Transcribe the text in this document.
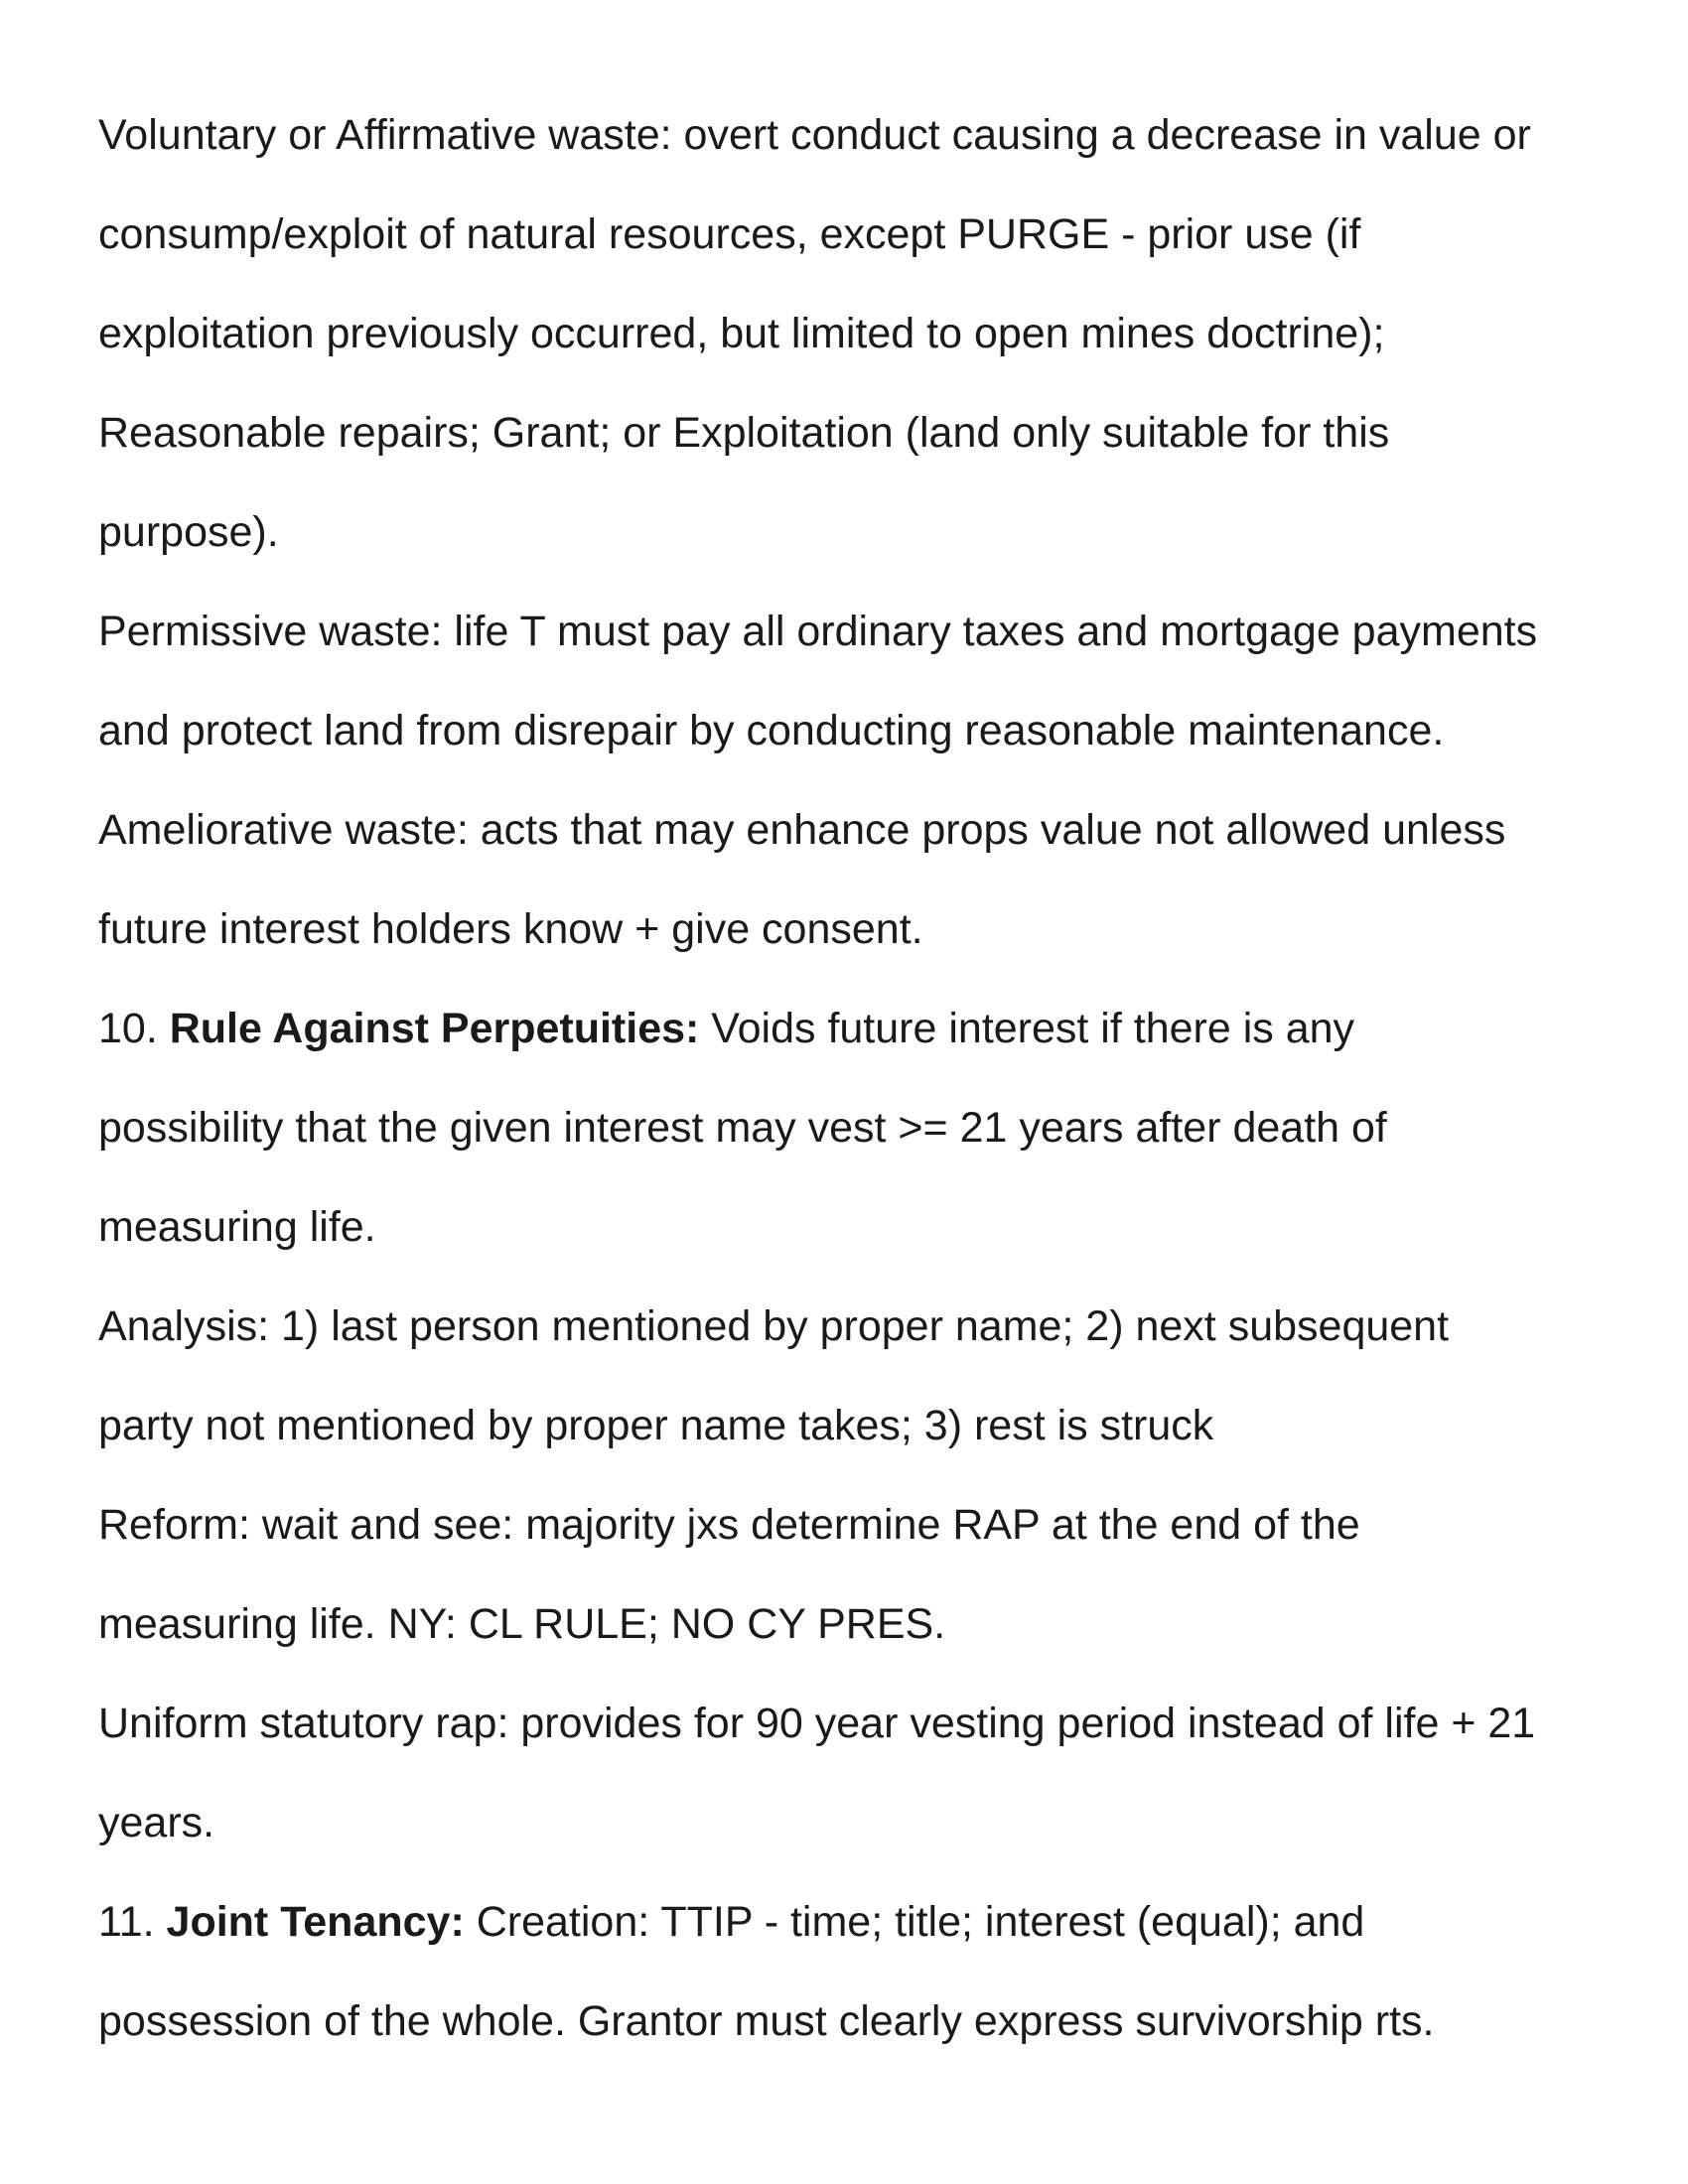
Voluntary or Affirmative waste: overt conduct causing a decrease in value or consump/exploit of natural resources, except PURGE - prior use (if exploitation previously occurred, but limited to open mines doctrine); Reasonable repairs; Grant; or Exploitation (land only suitable for this purpose).

Permissive waste: life T must pay all ordinary taxes and mortgage payments and protect land from disrepair by conducting reasonable maintenance.

Ameliorative waste: acts that may enhance props value not allowed unless future interest holders know + give consent.

10. Rule Against Perpetuities: Voids future interest if there is any possibility that the given interest may vest >= 21 years after death of measuring life.

Analysis: 1) last person mentioned by proper name; 2) next subsequent party not mentioned by proper name takes; 3) rest is struck

Reform: wait and see: majority jxs determine RAP at the end of the measuring life. NY: CL RULE; NO CY PRES.

Uniform statutory rap: provides for 90 year vesting period instead of life + 21 years.

11. Joint Tenancy: Creation: TTIP - time; title; interest (equal); and possession of the whole. Grantor must clearly express survivorship rts.
